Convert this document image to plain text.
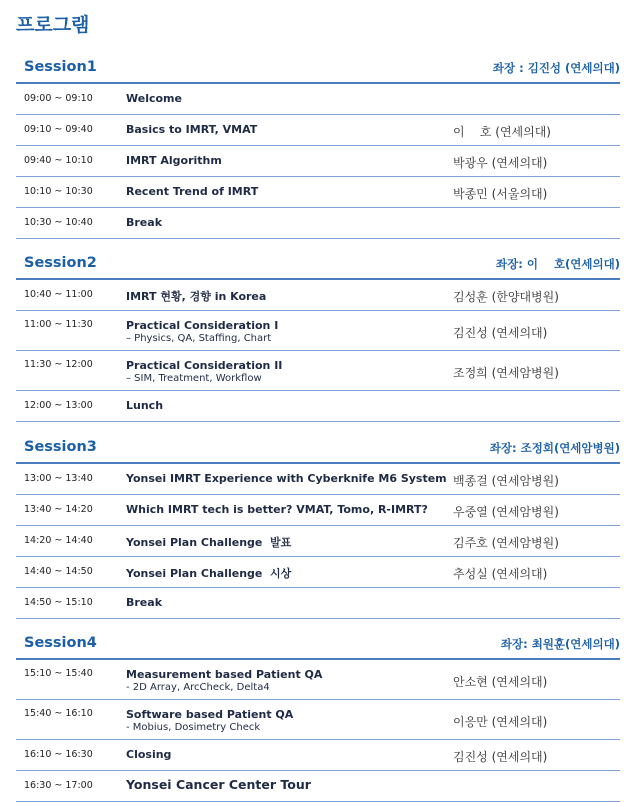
프로그램
Session1	좌장 : 김진성 (연세의대)
09:00 ~ 09:10	Welcome
09:10 ~ 09:40	Basics to IMRT, VMAT	이    호 (연세의대)
09:40 ~ 10:10	IMRT Algorithm	박광우 (연세의대)
10:10 ~ 10:30	Recent Trend of IMRT	박종민 (서울의대)
10:30 ~ 10:40	Break
Session2	좌장: 이    호(연세의대)
10:40 ~ 11:00	IMRT 현황, 경향 in Korea	김성훈 (한양대병원)
11:00 ~ 11:30	Practical Consideration I
– Physics, QA, Staffing, Chart	김진성 (연세의대)
11:30 ~ 12:00	Practical Consideration II
– SIM, Treatment, Workflow	조정희 (연세암병원)
12:00 ~ 13:00	Lunch
Session3	좌장: 조정희(연세암병원)
13:00 ~ 13:40	Yonsei IMRT Experience with Cyberknife M6 System 백종걸 (연세암병원)
13:40 ~ 14:20	Which IMRT tech is better? VMAT, Tomo, R-IMRT? 우중열 (연세암병원)
14:20 ~ 14:40	Yonsei Plan Challenge  발표	김주호 (연세암병원)
14:40 ~ 14:50	Yonsei Plan Challenge  시상	추성실 (연세의대)
14:50 ~ 15:10	Break
Session4	좌장: 최원훈(연세의대)
15:10 ~ 15:40	Measurement based Patient QA
- 2D Array, ArcCheck, Delta4	안소현 (연세의대)
15:40 ~ 16:10	Software based Patient QA
- Mobius, Dosimetry Check	이응만 (연세의대)
16:10 ~ 16:30	Closing	김진성 (연세의대)
16:30 ~ 17:00	Yonsei Cancer Center Tour
